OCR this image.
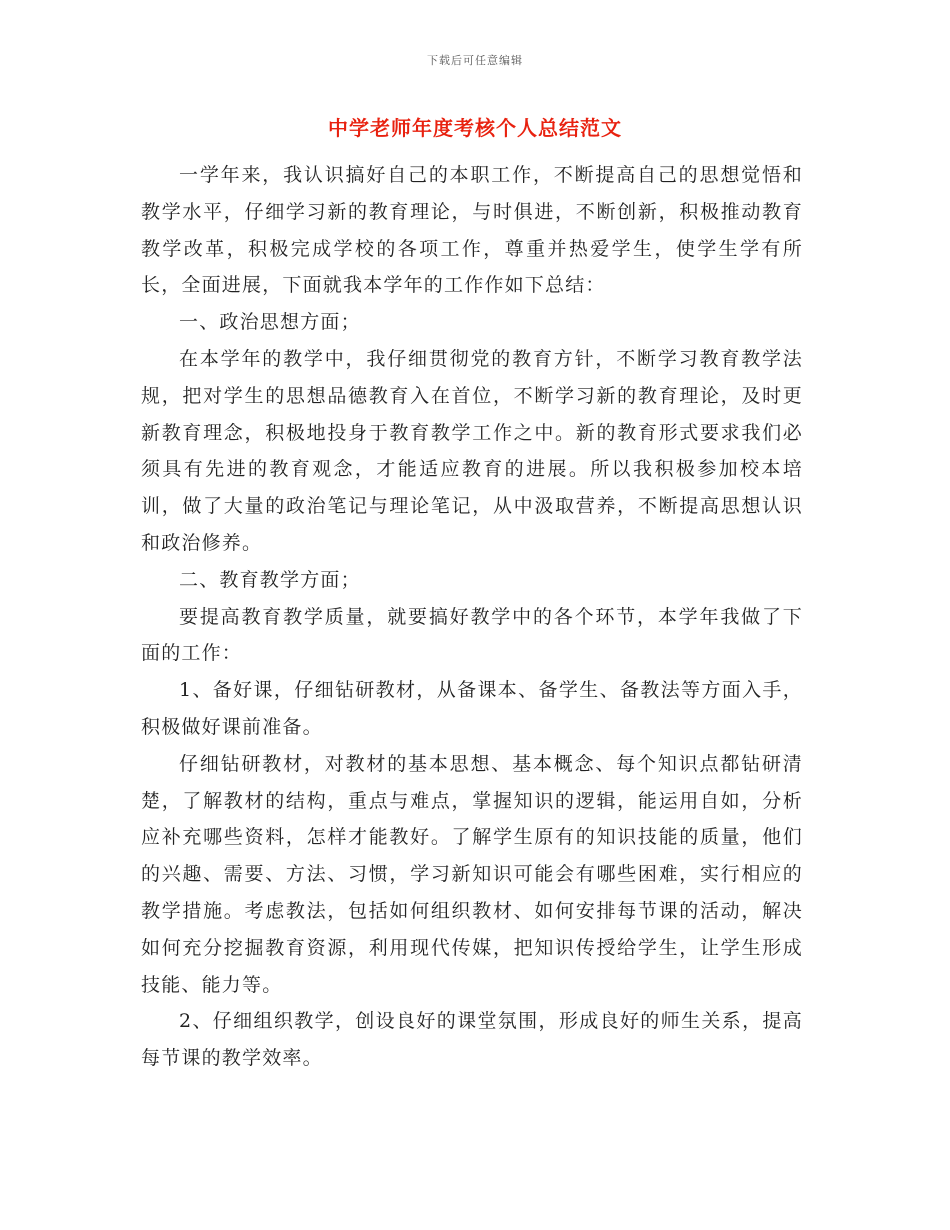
下载后可任意编辑
中学老师年度考核个人总结范文

一学年来，我认识搞好自己的本职工作，不断提高自己的思想觉悟和教学水平，仔细学习新的教育理论，与时俱进，不断创新，积极推动教育教学改革，积极完成学校的各项工作，尊重并热爱学生，使学生学有所长，全面进展，下面就我本学年的工作作如下总结：

一、政治思想方面；

在本学年的教学中，我仔细贯彻党的教育方针，不断学习教育教学法规，把对学生的思想品德教育入在首位，不断学习新的教育理论，及时更新教育理念，积极地投身于教育教学工作之中。新的教育形式要求我们必须具有先进的教育观念，才能适应教育的进展。所以我积极参加校本培训，做了大量的政治笔记与理论笔记，从中汲取营养，不断提高思想认识和政治修养。

二、教育教学方面；

要提高教育教学质量，就要搞好教学中的各个环节，本学年我做了下面的工作：

1、备好课，仔细钻研教材，从备课本、备学生、备教法等方面入手，积极做好课前准备。

仔细钻研教材，对教材的基本思想、基本概念、每个知识点都钻研清楚，了解教材的结构，重点与难点，掌握知识的逻辑，能运用自如，分析应补充哪些资料，怎样才能教好。了解学生原有的知识技能的质量，他们的兴趣、需要、方法、习惯，学习新知识可能会有哪些困难，实行相应的教学措施。考虑教法，包括如何组织教材、如何安排每节课的活动，解决如何充分挖掘教育资源，利用现代传媒，把知识传授给学生，让学生形成技能、能力等。

2、仔细组织教学，创设良好的课堂氛围，形成良好的师生关系，提高每节课的教学效率。
